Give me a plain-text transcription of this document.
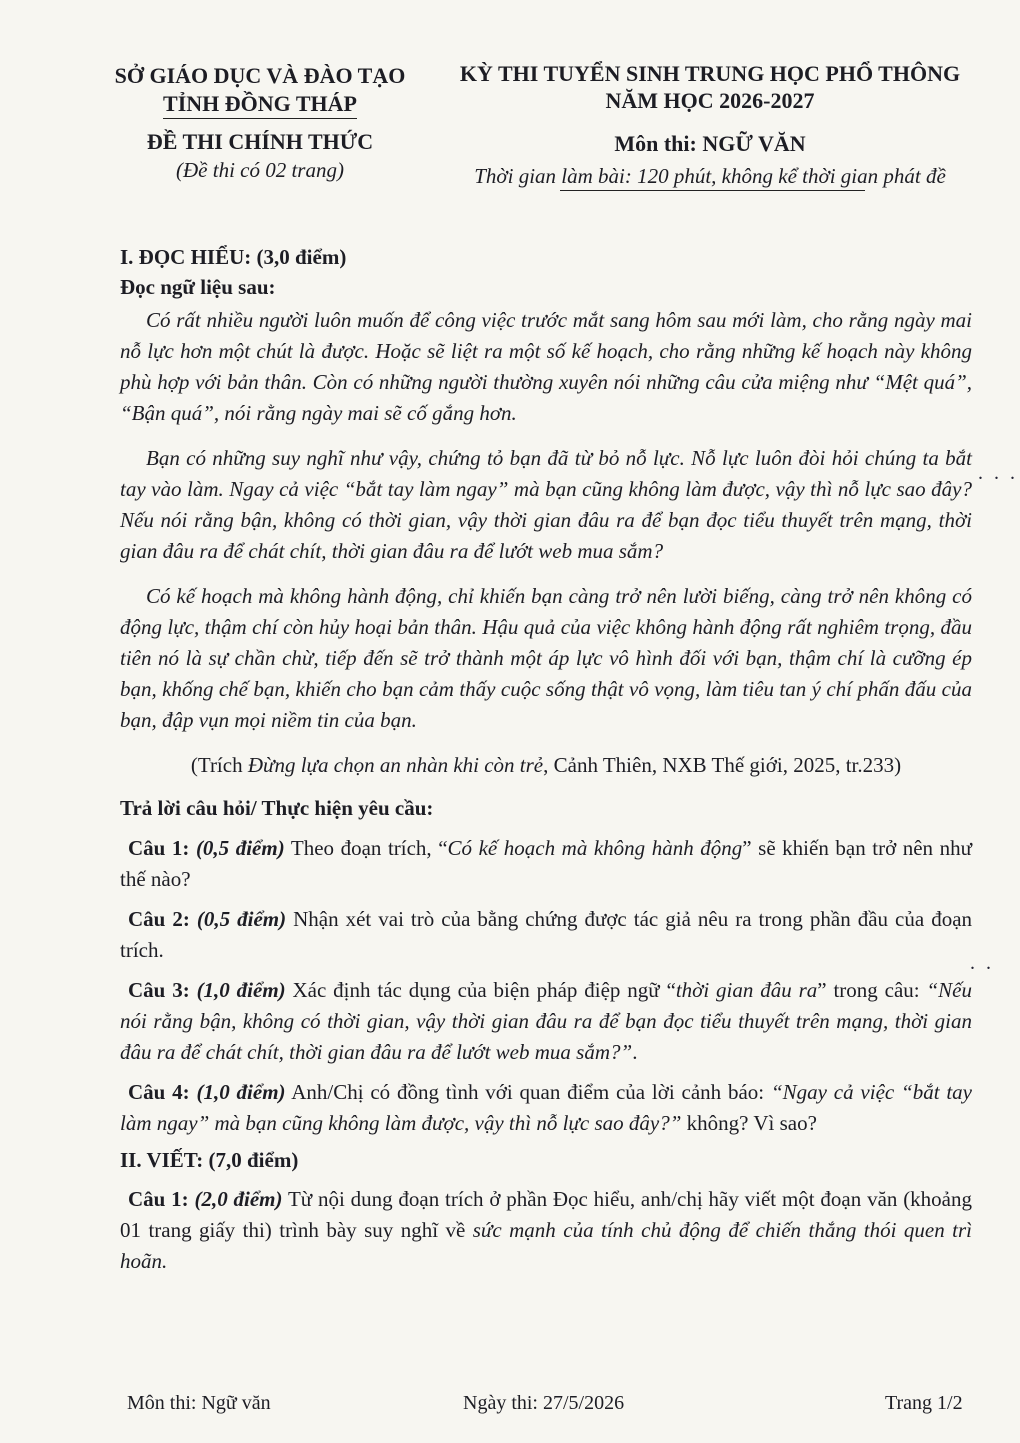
SỞ GIÁO DỤC VÀ ĐÀO TẠO
TỈNH ĐỒNG THÁP
ĐỀ THI CHÍNH THỨC
(Đề thi có 02 trang)
KỲ THI TUYỂN SINH TRUNG HỌC PHỔ THÔNG
NĂM HỌC 2026-2027
Môn thi: NGỮ VĂN
Thời gian làm bài: 120 phút, không kể thời gian phát đề
I. ĐỌC HIỂU: (3,0 điểm)
Đọc ngữ liệu sau:

Có rất nhiều người luôn muốn để công việc trước mắt sang hôm sau mới làm, cho rằng ngày mai nỗ lực hơn một chút là được. Hoặc sẽ liệt ra một số kế hoạch, cho rằng những kế hoạch này không phù hợp với bản thân. Còn có những người thường xuyên nói những câu cửa miệng như “Mệt quá”, “Bận quá”, nói rằng ngày mai sẽ cố gắng hơn.

Bạn có những suy nghĩ như vậy, chứng tỏ bạn đã từ bỏ nỗ lực. Nỗ lực luôn đòi hỏi chúng ta bắt tay vào làm. Ngay cả việc “bắt tay làm ngay” mà bạn cũng không làm được, vậy thì nỗ lực sao đây? Nếu nói rằng bận, không có thời gian, vậy thời gian đâu ra để bạn đọc tiểu thuyết trên mạng, thời gian đâu ra để chát chít, thời gian đâu ra để lướt web mua sắm?

Có kế hoạch mà không hành động, chỉ khiến bạn càng trở nên lười biếng, càng trở nên không có động lực, thậm chí còn hủy hoại bản thân. Hậu quả của việc không hành động rất nghiêm trọng, đầu tiên nó là sự chần chừ, tiếp đến sẽ trở thành một áp lực vô hình đối với bạn, thậm chí là cưỡng ép bạn, khống chế bạn, khiến cho bạn cảm thấy cuộc sống thật vô vọng, làm tiêu tan ý chí phấn đấu của bạn, đập vụn mọi niềm tin của bạn.

(Trích Đừng lựa chọn an nhàn khi còn trẻ, Cảnh Thiên, NXB Thế giới, 2025, tr.233)
Trả lời câu hỏi/ Thực hiện yêu cầu:
Câu 1: (0,5 điểm) Theo đoạn trích, “Có kế hoạch mà không hành động” sẽ khiến bạn trở nên như thế nào?
Câu 2: (0,5 điểm) Nhận xét vai trò của bằng chứng được tác giả nêu ra trong phần đầu của đoạn trích.
Câu 3: (1,0 điểm) Xác định tác dụng của biện pháp điệp ngữ “thời gian đâu ra” trong câu: “Nếu nói rằng bận, không có thời gian, vậy thời gian đâu ra để bạn đọc tiểu thuyết trên mạng, thời gian đâu ra để chát chít, thời gian đâu ra để lướt web mua sắm?”.
Câu 4: (1,0 điểm) Anh/Chị có đồng tình với quan điểm của lời cảnh báo: “Ngay cả việc “bắt tay làm ngay” mà bạn cũng không làm được, vậy thì nỗ lực sao đây?” không? Vì sao?
II. VIẾT: (7,0 điểm)
Câu 1: (2,0 điểm) Từ nội dung đoạn trích ở phần Đọc hiểu, anh/chị hãy viết một đoạn văn (khoảng 01 trang giấy thi) trình bày suy nghĩ về sức mạnh của tính chủ động để chiến thắng thói quen trì hoãn.
. . .
. .
Môn thi: Ngữ văn	Ngày thi: 27/5/2026	Trang 1/2
